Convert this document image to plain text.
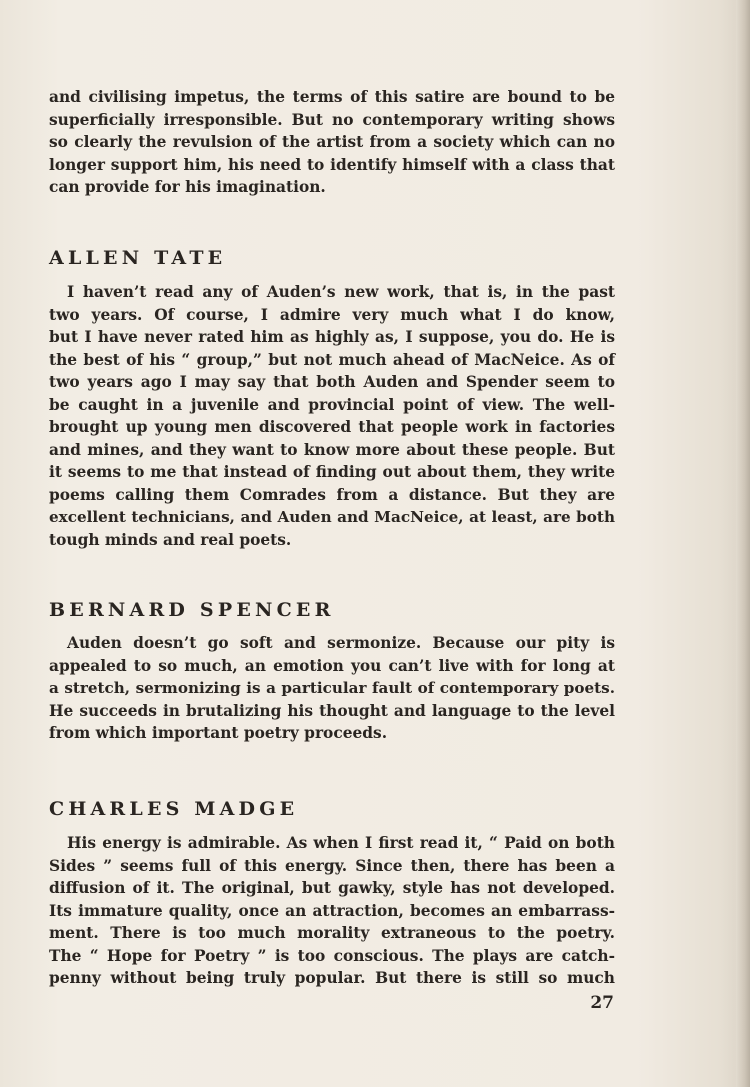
and civilising impetus, the terms of this satire are bound to be
superficially irresponsible. But no contemporary writing shows
so clearly the revulsion of the artist from a society which can no
longer support him, his need to identify himself with a class that
can provide for his imagination.
ALLEN TATE
I haven’t read any of Auden’s new work, that is, in the past
two years. Of course, I admire very much what I do know,
but I have never rated him as highly as, I suppose, you do. He is
the best of his “ group,” but not much ahead of MacNeice. As of
two years ago I may say that both Auden and Spender seem to
be caught in a juvenile and provincial point of view. The well-
brought up young men discovered that people work in factories
and mines, and they want to know more about these people. But
it seems to me that instead of finding out about them, they write
poems calling them Comrades from a distance. But they are
excellent technicians, and Auden and MacNeice, at least, are both
tough minds and real poets.
BERNARD SPENCER
Auden doesn’t go soft and sermonize. Because our pity is
appealed to so much, an emotion you can’t live with for long at
a stretch, sermonizing is a particular fault of contemporary poets.
He succeeds in brutalizing his thought and language to the level
from which important poetry proceeds.
CHARLES MADGE
His energy is admirable. As when I first read it, “ Paid on both
Sides ” seems full of this energy. Since then, there has been a
diffusion of it. The original, but gawky, style has not developed.
Its immature quality, once an attraction, becomes an embarrass-
ment. There is too much morality extraneous to the poetry.
The “ Hope for Poetry ” is too conscious. The plays are catch-
penny without being truly popular. But there is still so much
27
